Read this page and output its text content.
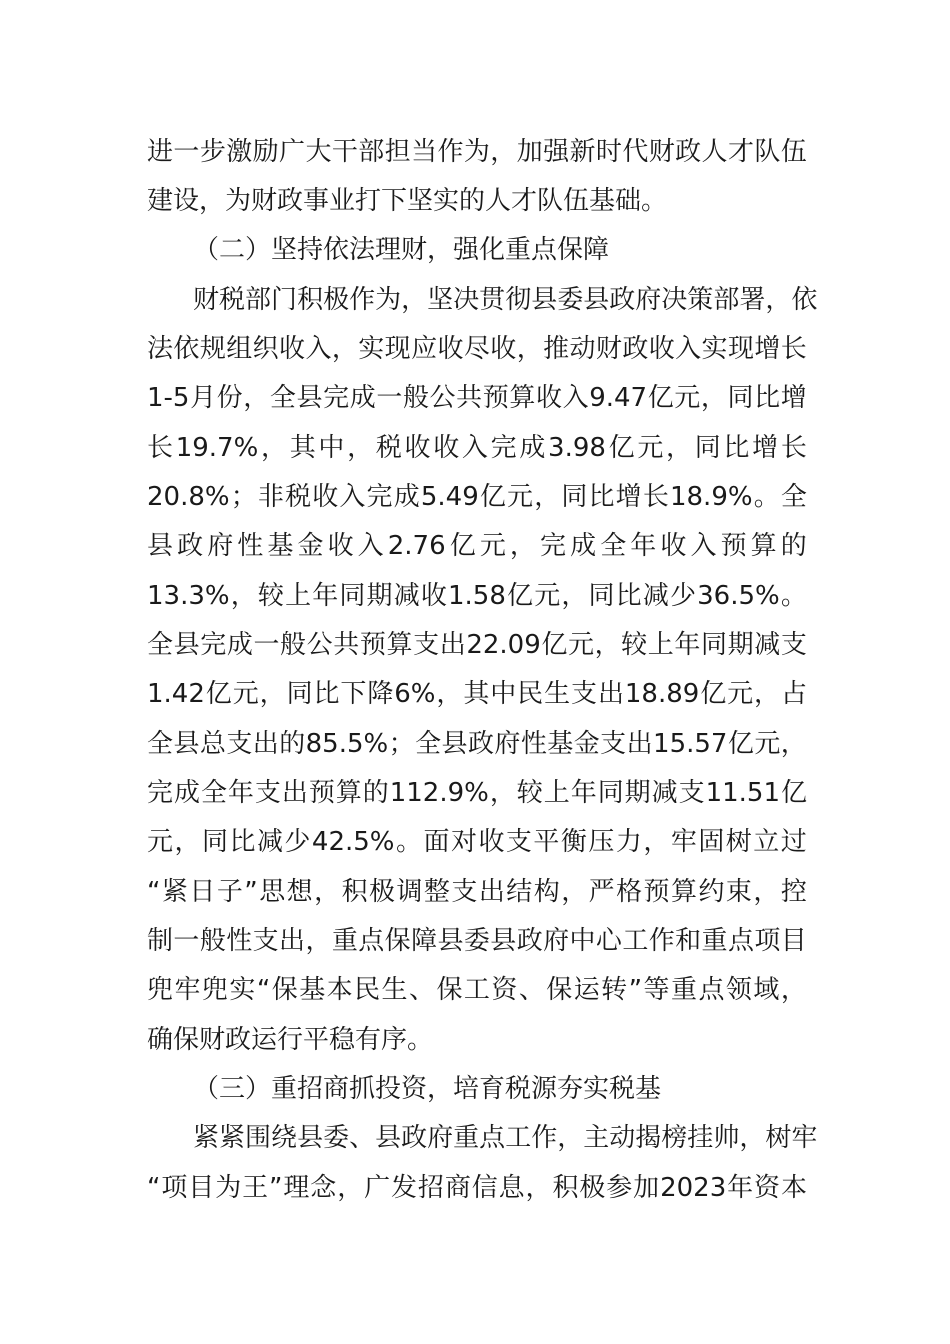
进 一 步 激 励 广 大 干 部 担 当 作 为 ， 加 强 新 时 代 财 政 人 才 队 伍
建设，为财政事业打下坚实的人才队伍基础。
（二）坚持依法理财，强化重点保障
财 税 部 门 积 极 作 为 ， 坚 决 贯 彻 县 委 县 政 府 决 策 部 署 ， 依
法 依 规 组 织 收 入 ， 实 现 应 收 尽 收 ， 推 动 财 政 收 入 实 现 增 长
1-5 月 份 ， 全 县 完 成 一 般 公 共 预 算 收 入 9.47 亿 元 ， 同 比 增
长 19.7% ， 其 中 ， 税 收 收 入 完 成 3.98 亿 元 ， 同 比 增 长
20.8% ； 非 税 收 入 完 成 5.49 亿 元 ， 同 比 增 长 18.9% 。 全
县 政 府 性 基 金 收 入 2.76 亿 元 ， 完 成 全 年 收 入 预 算 的
13.3% ， 较 上 年 同 期 减 收 1.58 亿 元 ， 同 比 减 少 36.5% 。
全 县 完 成 一 般 公 共 预 算 支 出 22.09 亿 元 ， 较 上 年 同 期 减 支
1.42 亿 元 ， 同 比 下 降 6% ， 其 中 民 生 支 出 18.89 亿 元 ， 占
全 县 总 支 出 的 85.5% ； 全 县 政 府 性 基 金 支 出 15.57 亿 元 ，
完 成 全 年 支 出 预 算 的 112.9% ， 较 上 年 同 期 减 支 11.51 亿
元 ， 同 比 减 少 42.5% 。 面 对 收 支 平 衡 压 力 ， 牢 固 树 立 过
“ 紧 日 子 ” 思 想 ， 积 极 调 整 支 出 结 构 ， 严 格 预 算 约 束 ， 控
制 一 般 性 支 出 ， 重 点 保 障 县 委 县 政 府 中 心 工 作 和 重 点 项 目
兜 牢 兜 实 “ 保 基 本 民 生 、 保 工 资 、 保 运 转 ” 等 重 点 领 域 ，
确保财政运行平稳有序。
（三）重招商抓投资，培育税源夯实税基
紧 紧 围 绕 县 委 、 县 政 府 重 点 工 作 ， 主 动 揭 榜 挂 帅 ， 树 牢
“ 项 目 为 王 ” 理 念 ， 广 发 招 商 信 息 ， 积 极 参 加 2023 年 资 本
